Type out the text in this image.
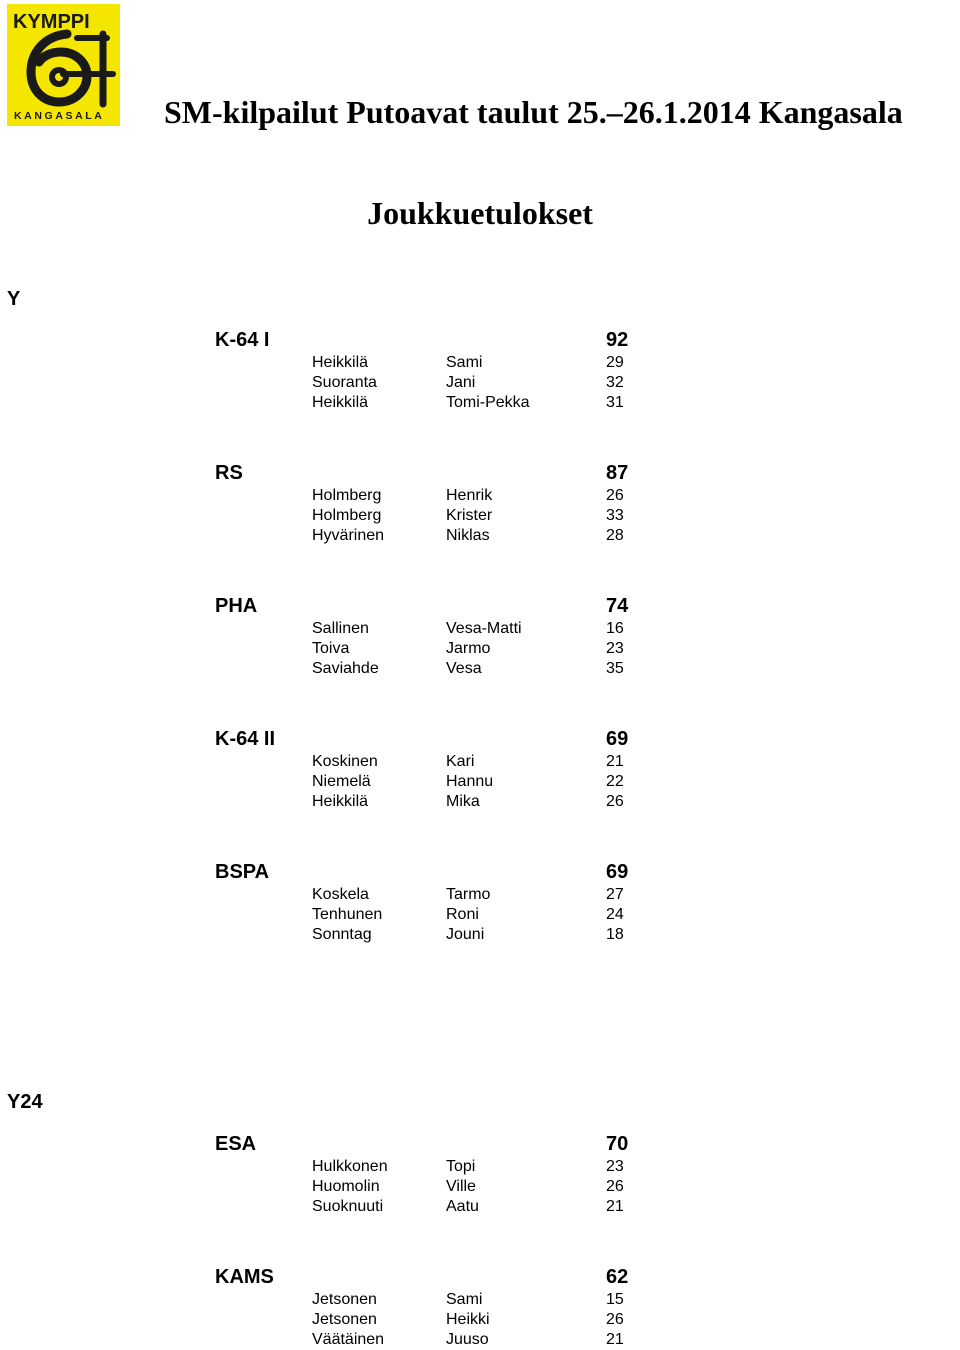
KYMPPI
KANGASALA SM-kilpailut Putoavat taulut 25.–26.1.2014 Kangasala
Joukkuetulokset
Y
K-64 I	92
Heikkilä	Sami	29
Suoranta	Jani	32
Heikkilä	Tomi-Pekka	31
RS	87
Holmberg	Henrik	26
Holmberg	Krister	33
Hyvärinen	Niklas	28
PHA	74
Sallinen	Vesa-Matti	16
Toiva	Jarmo	23
Saviahde	Vesa	35
K-64 II	69
Koskinen	Kari	21
Niemelä	Hannu	22
Heikkilä	Mika	26
BSPA	69
Koskela	Tarmo	27
Tenhunen	Roni	24
Sonntag	Jouni	18
Y24
ESA	70
Hulkkonen	Topi	23
Huomolin	Ville	26
Suoknuuti	Aatu	21
KAMS	62
Jetsonen	Sami	15
Jetsonen	Heikki	26
Väätäinen	Juuso	21
